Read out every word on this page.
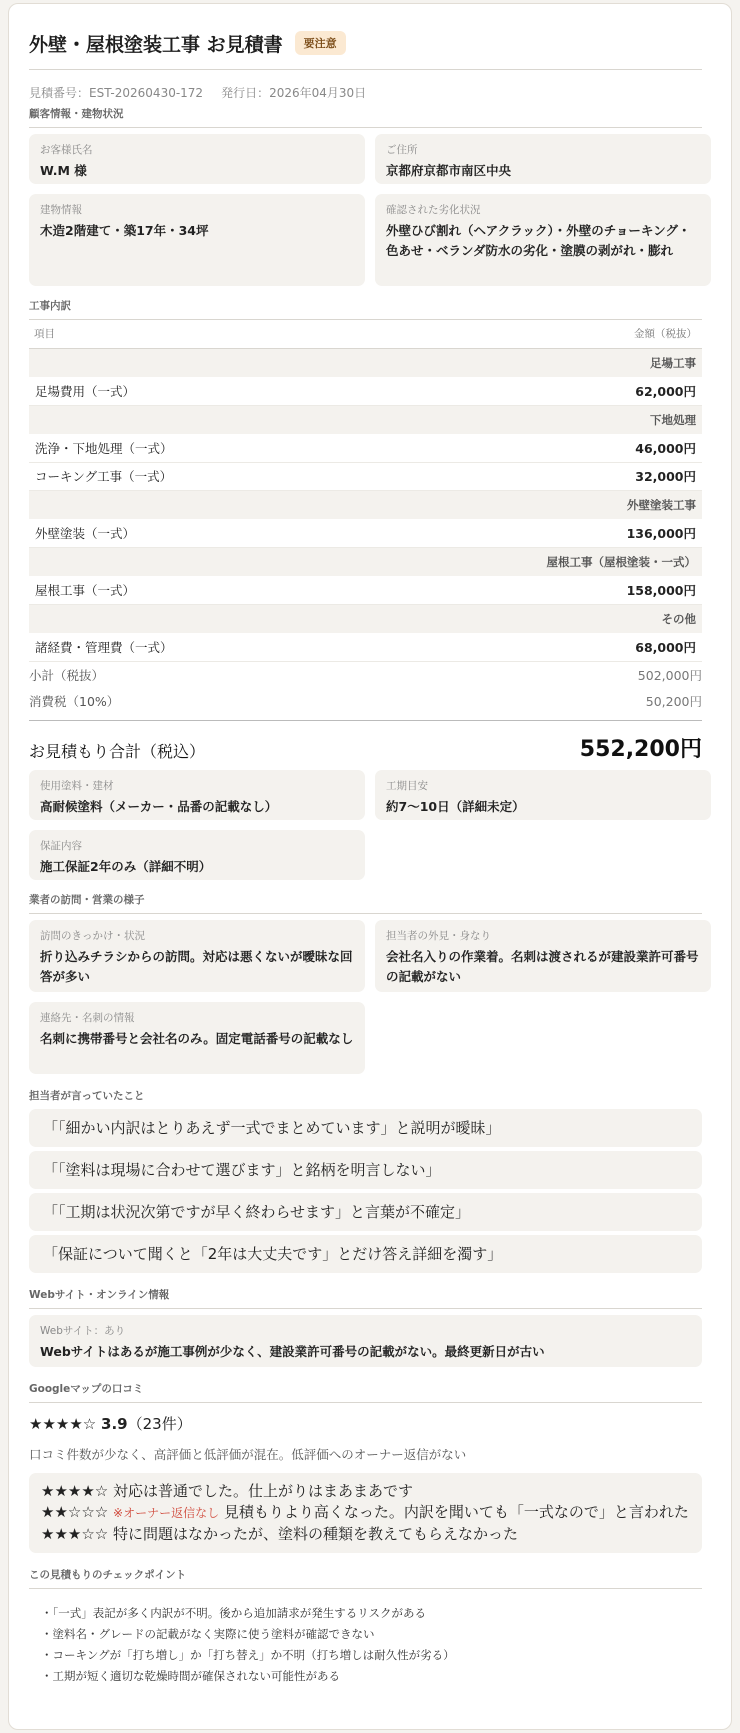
外壁・屋根塗装工事 お見積書	要注意
見積番号：EST-20260430-172 発行日：2026年04月30日
顧客情報・建物状況
お客様氏名
W.M 様
ご住所
京都府京都市南区中央
建物情報
木造2階建て・築17年・34坪
確認された劣化状況
外壁ひび割れ（ヘアクラック）・外壁のチョーキング・色あせ・ベランダ防水の劣化・塗膜の剥がれ・膨れ
工事内訳
項目	金額（税抜）
足場工事	
足場費用（一式）	62,000円
下地処理	
洗浄・下地処理（一式）	46,000円
コーキング工事（一式）	32,000円
外壁塗装工事	
外壁塗装（一式）	136,000円
屋根工事（屋根塗装・一式）	
屋根工事（一式）	158,000円
その他	
諸経費・管理費（一式）	68,000円
小計（税抜）	502,000円
消費税（10%）	50,200円
お見積もり合計（税込）	552,200円
使用塗料・建材
高耐候塗料（メーカー・品番の記載なし）
工期目安
約7〜10日（詳細未定）
保証内容
施工保証2年のみ（詳細不明）
業者の訪問・営業の様子
訪問のきっかけ・状況
折り込みチラシからの訪問。対応は悪くないが曖昧な回答が多い
担当者の外見・身なり
会社名入りの作業着。名刺は渡されるが建設業許可番号の記載がない
連絡先・名刺の情報
名刺に携帯番号と会社名のみ。固定電話番号の記載なし
担当者が言っていたこと
「「細かい内訳はとりあえず一式でまとめています」と説明が曖昧」
「「塗料は現場に合わせて選びます」と銘柄を明言しない」
「「工期は状況次第ですが早く終わらせます」と言葉が不確定」
「保証について聞くと「2年は大丈夫です」とだけ答え詳細を濁す」
Webサイト・オンライン情報
Webサイト：あり
Webサイトはあるが施工事例が少なく、建設業許可番号の記載がない。最終更新日が古い
Googleマップの口コミ
★★★★☆ 3.9（23件）
口コミ件数が少なく、高評価と低評価が混在。低評価へのオーナー返信がない
★★★★☆ 対応は普通でした。仕上がりはまあまあです
★★☆☆☆ ※オーナー返信なし 見積もりより高くなった。内訳を聞いても「一式なので」と言われた
★★★☆☆ 特に問題はなかったが、塗料の種類を教えてもらえなかった
この見積もりのチェックポイント
・「一式」表記が多く内訳が不明。後から追加請求が発生するリスクがある
・塗料名・グレードの記載がなく実際に使う塗料が確認できない
・コーキングが「打ち増し」か「打ち替え」か不明（打ち増しは耐久性が劣る）
・工期が短く適切な乾燥時間が確保されない可能性がある
